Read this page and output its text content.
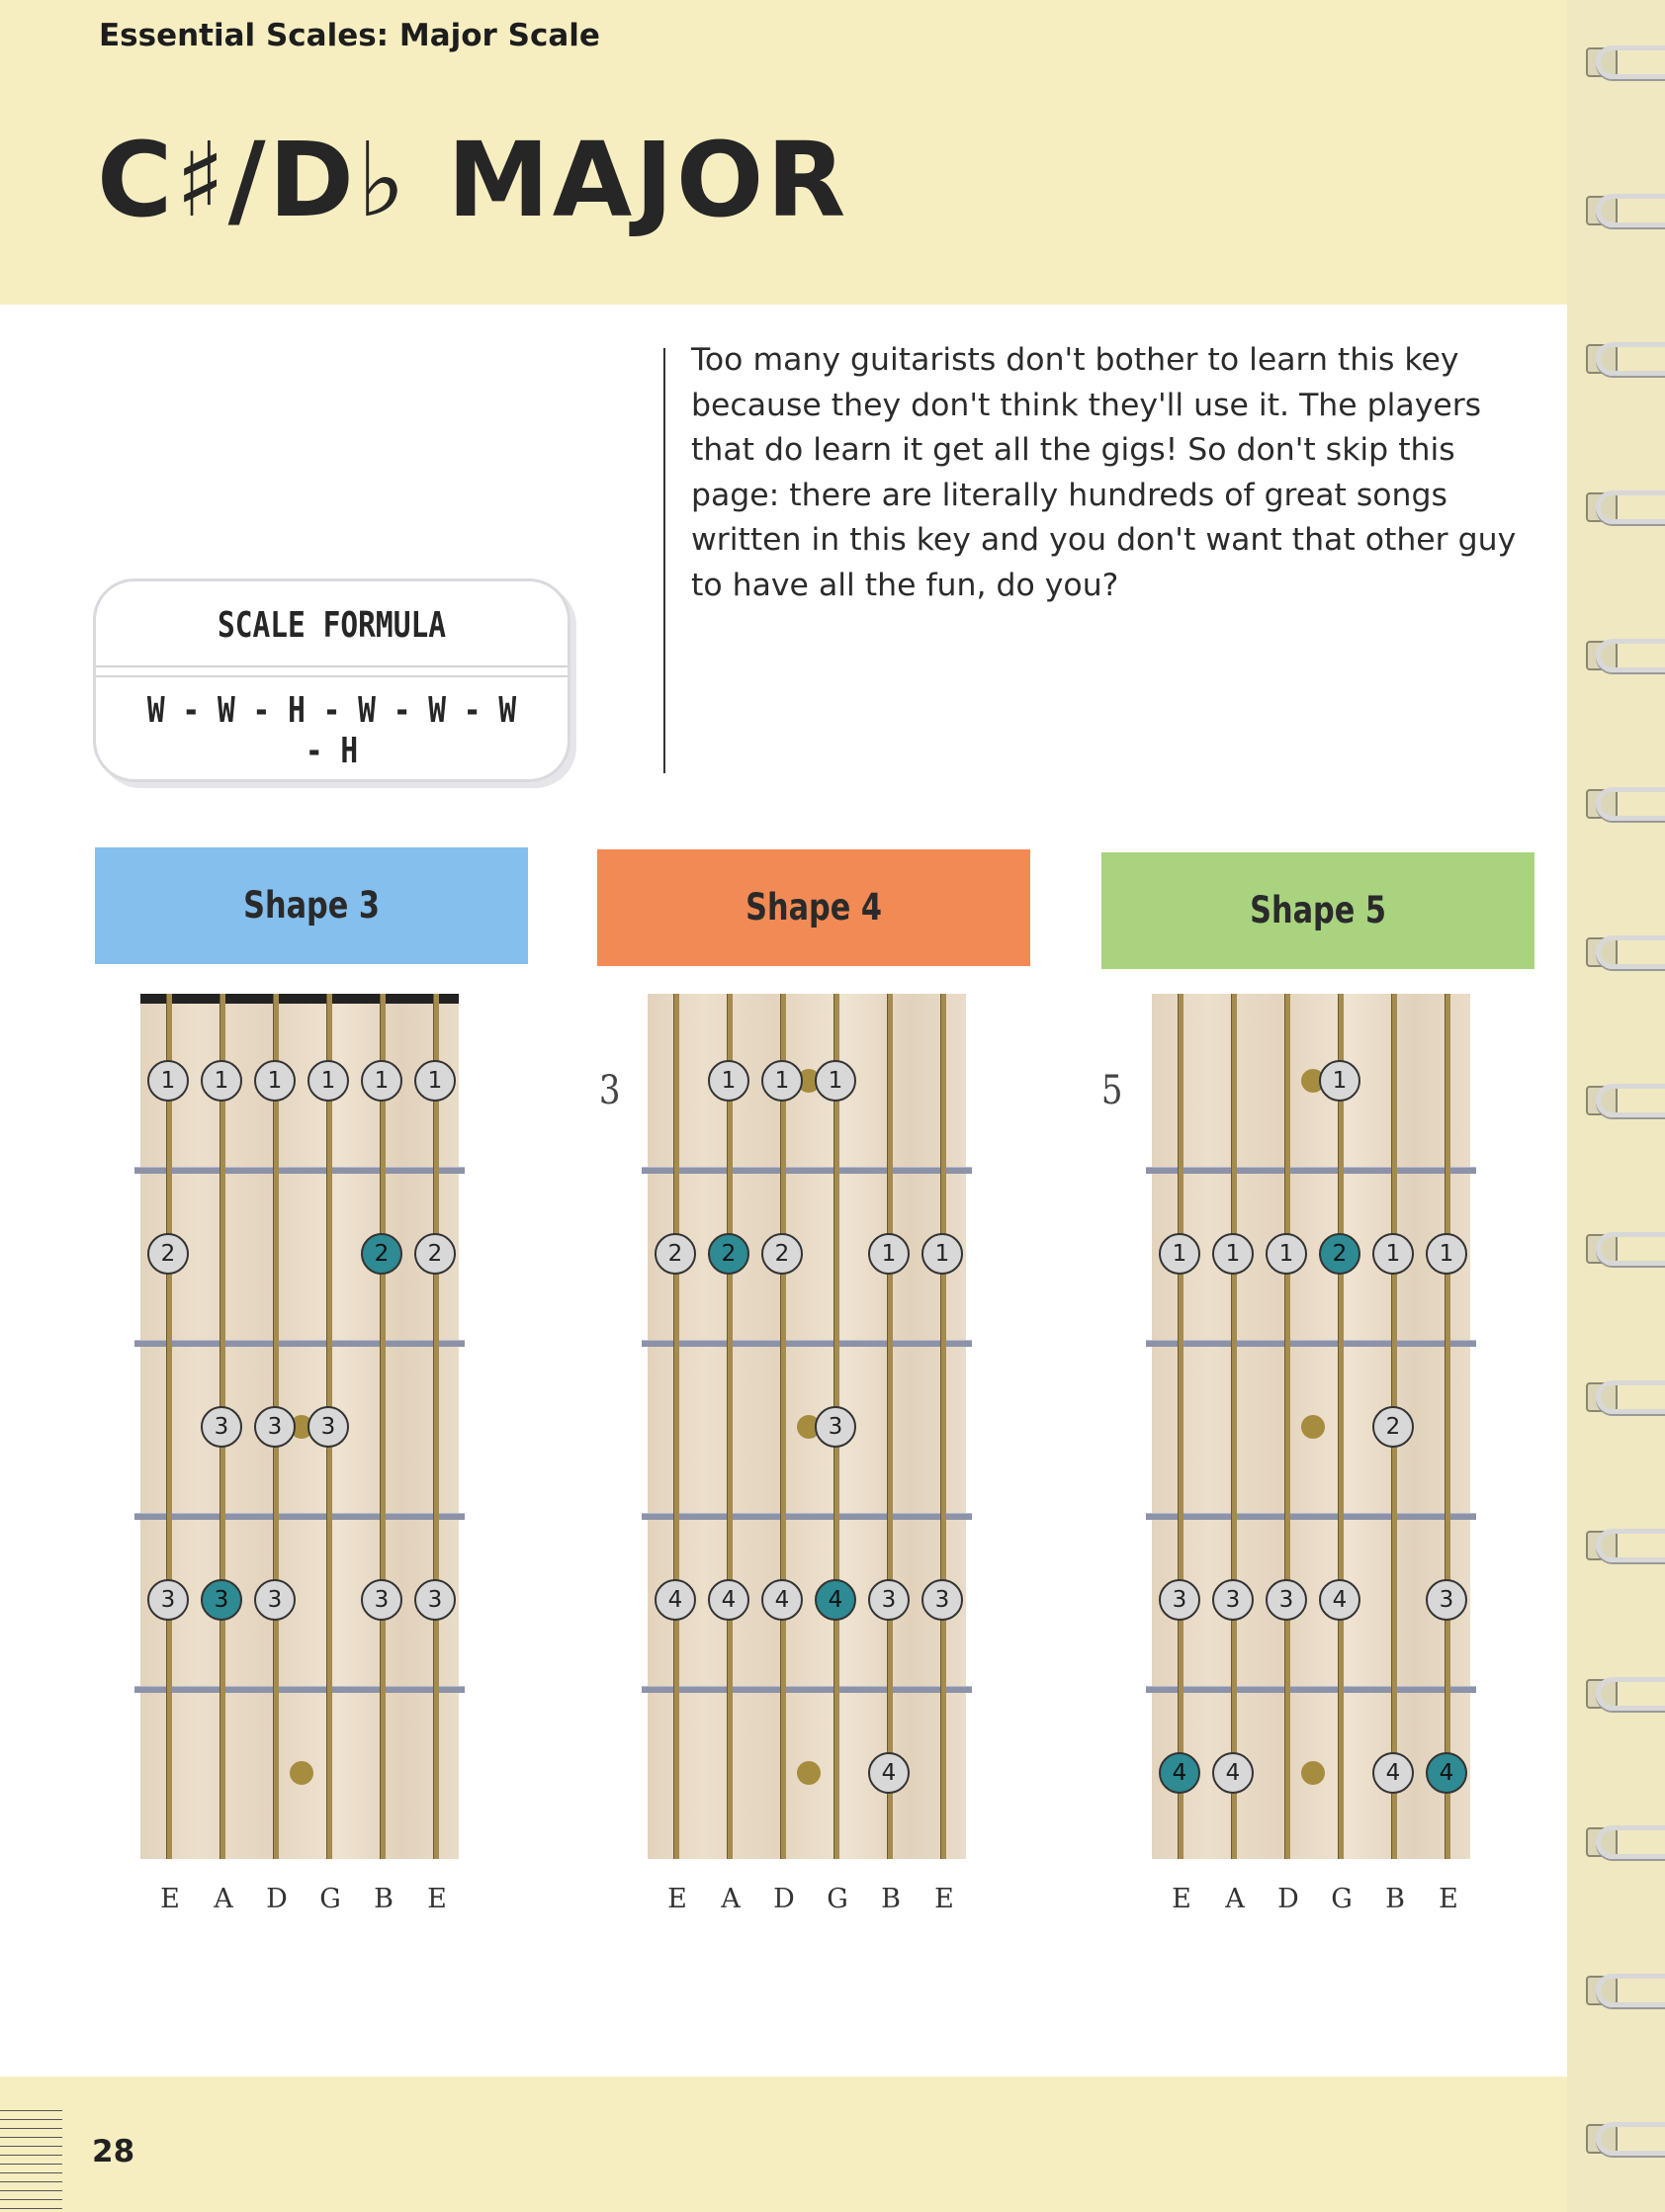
Essential Scales: Major Scale
C♯/D♭ MAJOR
Too many guitarists don't bother to learn this key because they don't think they'll use it. The players that do learn it get all the gigs! So don't skip this page: there are literally hundreds of great songs written in this key and you don't want that other guy to have all the fun, do you?
SCALE FORMULA
W - W - H - W - W - W - H
Shape 3
1	1	1	1	1	1
2	2	2
3	3	3
3	3	3	3	3
E A D G B E
Shape 4
3	1	1	1
2	2	2	1	1
3
4	4	4	4	3	3
4
E A D G B E
Shape 5
5	1
1	1	1	2	1	1
2
3	3	3	4	3
4	4	4	4
E A D G B E
28
